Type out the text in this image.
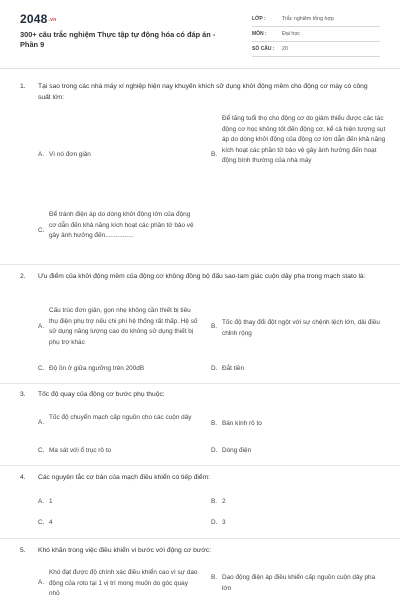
2048.vn
300+ câu trắc nghiệm Thực tập tự động hóa có đáp án - Phần 9
LỚP :	Trắc nghiệm tổng hợp
MÔN :	Đại học
SỐ CÂU :	20
1.	Tại sao trong các nhà máy xí nghiệp hiện nay khuyến khích sử dụng khởi động mềm cho động cơ máy có công suất lớn:
A. Vì nó đơn giản	B.
Để tăng tuổi thọ cho động cơ do giảm thiểu được các tác động cơ học không tốt đến động cơ, kể cả hiện tượng sụt áp do dòng khởi động của động cơ lớn dẫn đến khả năng kích hoạt các phần tử bảo vệ gây ảnh hưởng đến hoạt động bình thường của nhà máy
C.
Để tránh điện áp do dòng khởi động lớn của động cơ dẫn đến khả năng kích hoạt các phần tử bảo vệ gây ảnh hưởng đến................
2.	Ưu điểm của khởi động mềm của động cơ không đồng bộ đấu sao-tam giác cuộn dây pha trong mạch stato là:
A.
Cấu trúc đơn giản, gọn nhẹ không cần thiết bị tiêu thụ điện phụ trợ nếu chi phí hệ thống rất thấp. Hệ số sử dụng năng lượng cao do không sử dụng thiết bị phụ trợ khác
B.
Tốc độ thay đổi đột ngột với sự chệnh lệch lớn, dải điều chỉnh rộng
C. Độ ồn ở giữa ngưỡng trên 200dB	D. Đắt tiền
3.	Tốc độ quay của động cơ bước phụ thuộc:
A.
Tốc độ chuyển mạch cấp nguồn cho các cuộn dây
B. Bán kính rô to
C. Ma sát với ổ trục rô to	D. Dòng điện
4.	Các nguyên tắc cơ bản của mạch điều khiển có tiếp điểm:
A. 1	B. 2
C. 4	D. 3
5.	Khó khăn trong việc điều khiển vi bước với động cơ bước:
A.
Khó đạt được độ chính xác điều khiển cao vì sự dao động của roto tại 1 vị trí mong muốn do góc quay nhỏ
B. Dao động điện áp điều khiển cấp nguồn cuộn dây pha lớn
